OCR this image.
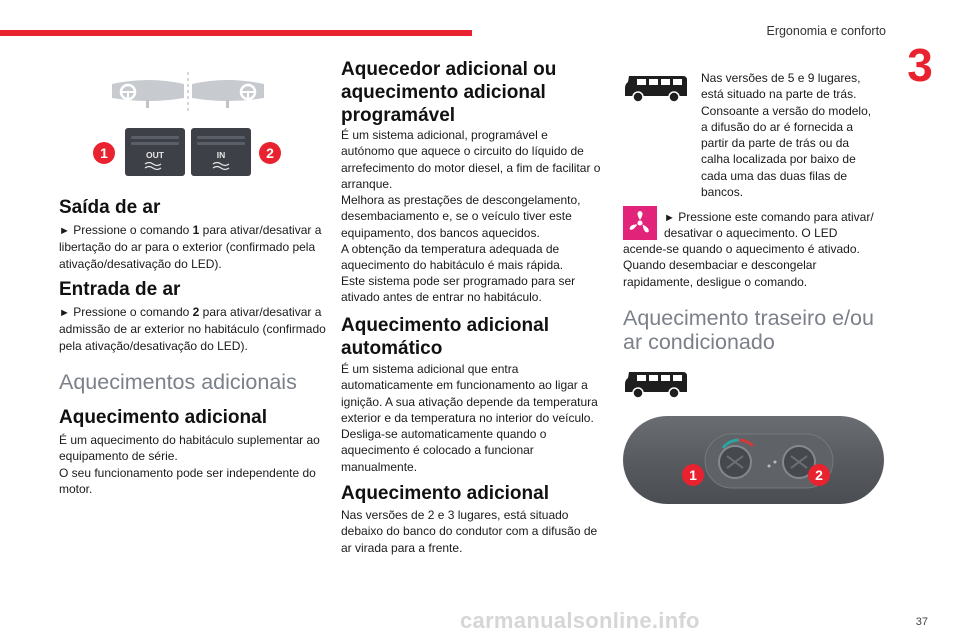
Ergonomia e conforto
3
1	OUT	IN	2
Saída de ar

► Pressione o comando 1 para ativar/desativar a libertação do ar para o exterior (confirmado pela ativação/desativação do LED).

Entrada de ar

► Pressione o comando 2 para ativar/desativar a admissão de ar exterior no habitáculo (confirmado pela ativação/desativação do LED).

Aquecimentos adicionais
Aquecimento adicional

É um aquecimento do habitáculo suplementar ao equipamento de série.

O seu funcionamento pode ser independente do motor.

Aquecedor adicional ou
aquecimento adicional
programável

É um sistema adicional, programável e autónomo que aquece o circuito do líquido de arrefecimento do motor diesel, a fim de facilitar o arranque.

Melhora as prestações de descongelamento, desembaciamento e, se o veículo tiver este equipamento, dos bancos aquecidos.

A obtenção da temperatura adequada de aquecimento do habitáculo é mais rápida.

Este sistema pode ser programado para ser ativado antes de entrar no habitáculo.

Aquecimento adicional
automático

É um sistema adicional que entra automaticamente em funcionamento ao ligar a ignição. A sua ativação depende da temperatura exterior e da temperatura no interior do veículo.

Desliga-se automaticamente quando o aquecimento é colocado a funcionar manualmente.

Aquecimento adicional

Nas versões de 2 e 3 lugares, está situado debaixo do banco do condutor com a difusão de ar virada para a frente.

Nas versões de 5 e 9 lugares, está situado na parte de trás. Consoante a versão do modelo, a difusão do ar é fornecida a partir da parte de trás ou da calha localizada por baixo de cada uma das duas filas de bancos.

► Pressione este comando para ativar/

desativar o aquecimento. O LED

acende-se quando o aquecimento é ativado. Quando desembaciar e descongelar rapidamente, desligue o comando.

Aquecimento traseiro e/ou
ar condicionado
1	2
carmanualsonline.info	37
